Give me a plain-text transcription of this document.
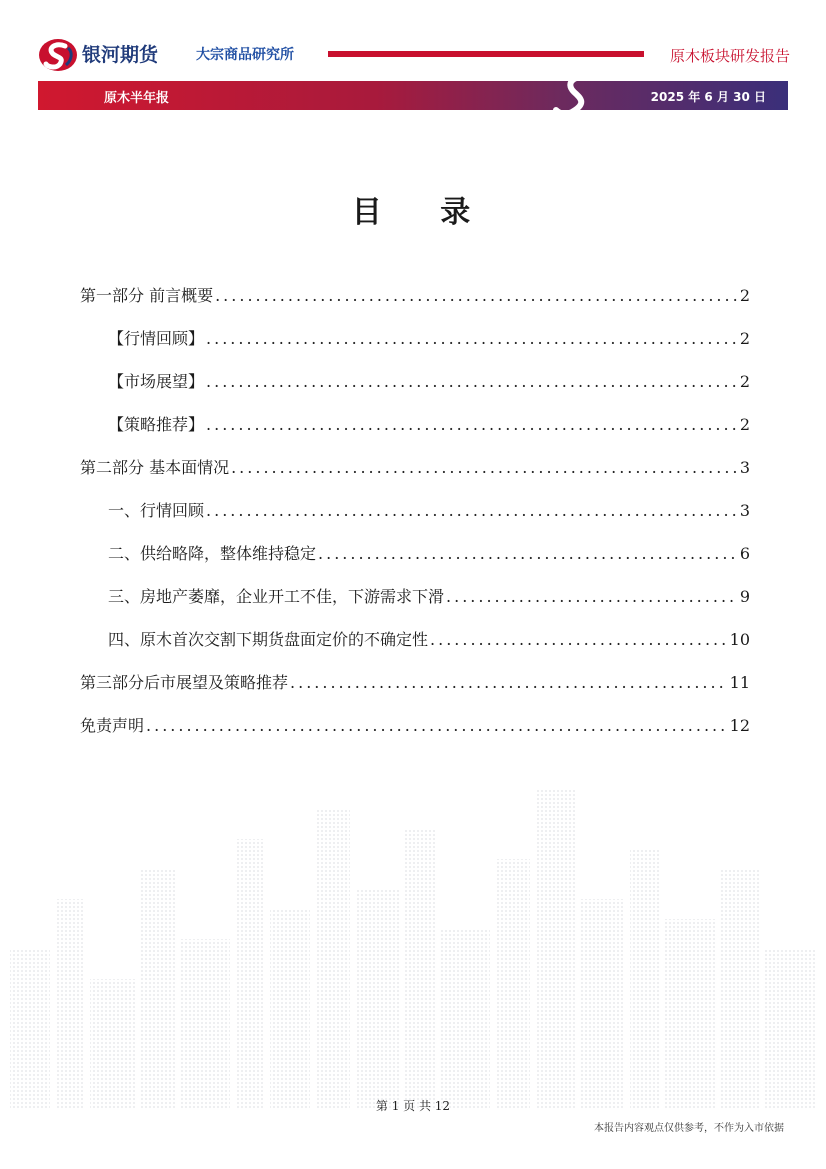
银河期货	大宗商品研究所	原木板块研发报告
原木半年报	2025 年 6 月 30 日
目 录
第一部分 前言概要 .....	2
【行情回顾】 .....	2
【市场展望】 .....	2
【策略推荐】 .....	2
第二部分 基本面情况 .....	3
一、行情回顾 .....	3
二、供给略降，整体维持稳定 .....	6
三、房地产萎靡，企业开工不佳，下游需求下滑 .....	9
四、原木首次交割下期货盘面定价的不确定性 .....	10
第三部分后市展望及策略推荐 .....	11
免责声明 .....	12
第 1 页 共 12
本报告内容观点仅供参考，不作为入市依据
